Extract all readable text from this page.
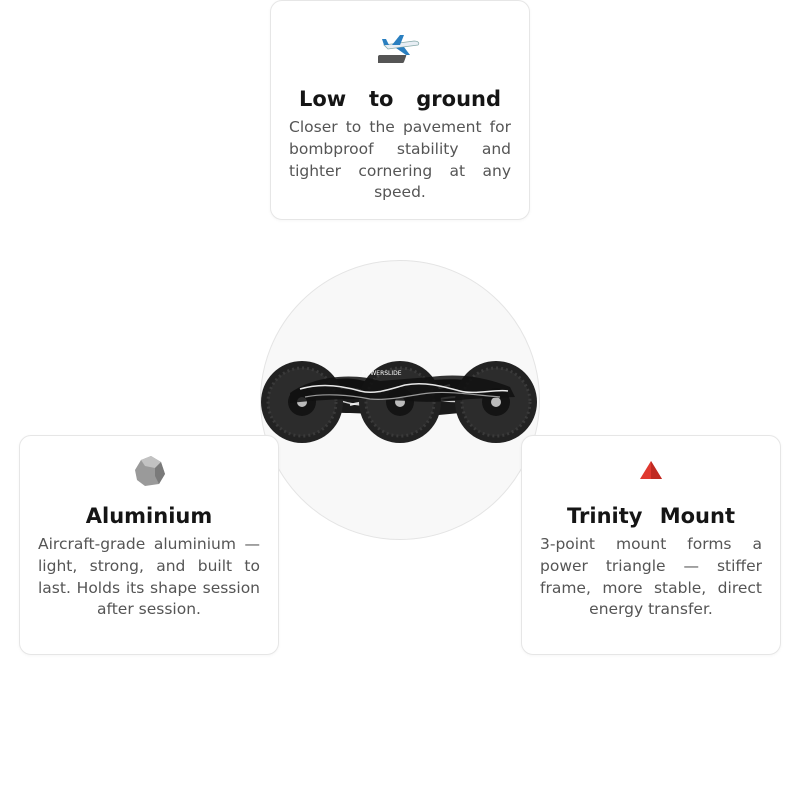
POWERSLIDE
Low to ground

Closer to the pavement for bombproof stability and tighter cornering at any speed.

Aluminium

Aircraft-grade aluminium — light, strong, and built to last. Holds its shape session after session.

Trinity Mount

3-point mount forms a power triangle — stiffer frame, more stable, direct energy transfer.
